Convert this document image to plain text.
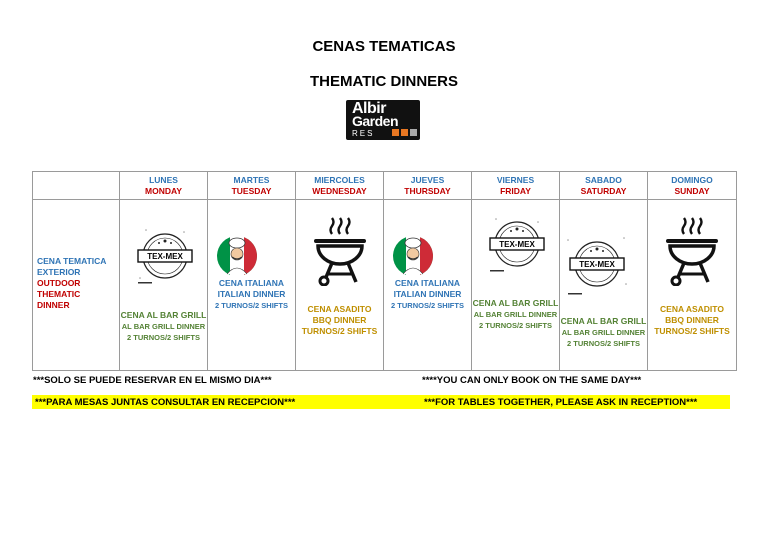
CENAS TEMATICAS
THEMATIC DINNERS
Albir
Garden
RES

	LUNES
MONDAY	MARTES
TUESDAY	MIERCOLES
WEDNESDAY	JUEVES
THURSDAY	VIERNES
FRIDAY	SABADO
SATURDAY	DOMINGO
SUNDAY

CENA TEMATICA
EXTERIOR
OUTDOOR
THEMATIC
DINNER	TEX-MEX
CENA AL BAR GRILL
AL BAR GRILL DINNER
2 TURNOS/2 SHIFTS	CENA ITALIANA
ITALIAN DINNER
2 TURNOS/2 SHIFTS	CENA ASADITO
BBQ DINNER
TURNOS/2 SHIFTS	CENA ITALIANA
ITALIAN DINNER
2 TURNOS/2 SHIFTS	TEX-MEX
CENA AL BAR GRILL
AL BAR GRILL DINNER
2 TURNOS/2 SHIFTS	TEX-MEX
CENA AL BAR GRILL
AL BAR GRILL DINNER
2 TURNOS/2 SHIFTS	CENA ASADITO
BBQ DINNER
TURNOS/2 SHIFTS
***SOLO SE PUEDE RESERVAR EN EL MISMO DIA***	****YOU CAN ONLY BOOK ON THE SAME DAY***
***PARA MESAS JUNTAS CONSULTAR EN RECEPCION***	***FOR TABLES TOGETHER, PLEASE ASK IN RECEPTION***
